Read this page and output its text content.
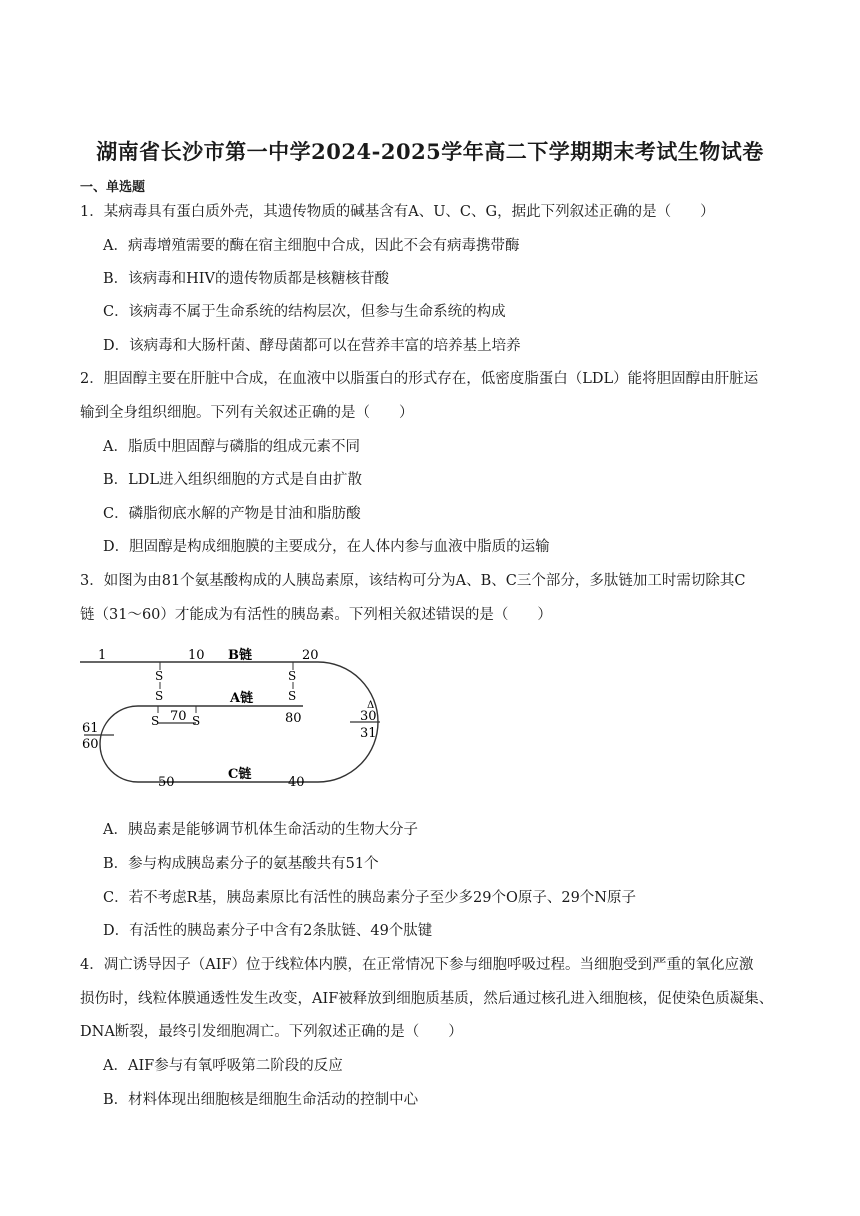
湖南省长沙市第一中学2024-2025学年高二下学期期末考试生物试卷
一、单选题
1．某病毒具有蛋白质外壳，其遗传物质的碱基含有A、U、C、G，据此下列叙述正确的是（　　）
A．病毒增殖需要的酶在宿主细胞中合成，因此不会有病毒携带酶
B．该病毒和HIV的遗传物质都是核糖核苷酸
C．该病毒不属于生命系统的结构层次，但参与生命系统的构成
D．该病毒和大肠杆菌、酵母菌都可以在营养丰富的培养基上培养
2．胆固醇主要在肝脏中合成，在血液中以脂蛋白的形式存在，低密度脂蛋白（LDL）能将胆固醇由肝脏运
输到全身组织细胞。下列有关叙述正确的是（　　）
A．脂质中胆固醇与磷脂的组成元素不同
B．LDL进入组织细胞的方式是自由扩散
C．磷脂彻底水解的产物是甘油和脂肪酸
D．胆固醇是构成细胞膜的主要成分，在人体内参与血液中脂质的运输
3．如图为由81个氨基酸构成的人胰岛素原，该结构可分为A、B、C三个部分，多肽链加工时需切除其C
链（31～60）才能成为有活性的胰岛素。下列相关叙述错误的是（　　）
1	10 B链	20
S
S
S
S
A链
80
S 70 S
Δ
30
31
61
60
C链
50	40
A．胰岛素是能够调节机体生命活动的生物大分子
B．参与构成胰岛素分子的氨基酸共有51个
C．若不考虑R基，胰岛素原比有活性的胰岛素分子至少多29个O原子、29个N原子
D．有活性的胰岛素分子中含有2条肽链、49个肽键
4．凋亡诱导因子（AIF）位于线粒体内膜，在正常情况下参与细胞呼吸过程。当细胞受到严重的氧化应激
损伤时，线粒体膜通透性发生改变，AIF被释放到细胞质基质，然后通过核孔进入细胞核，促使染色质凝集、
DNA断裂，最终引发细胞凋亡。下列叙述正确的是（　　）
A．AIF参与有氧呼吸第二阶段的反应
B．材料体现出细胞核是细胞生命活动的控制中心
